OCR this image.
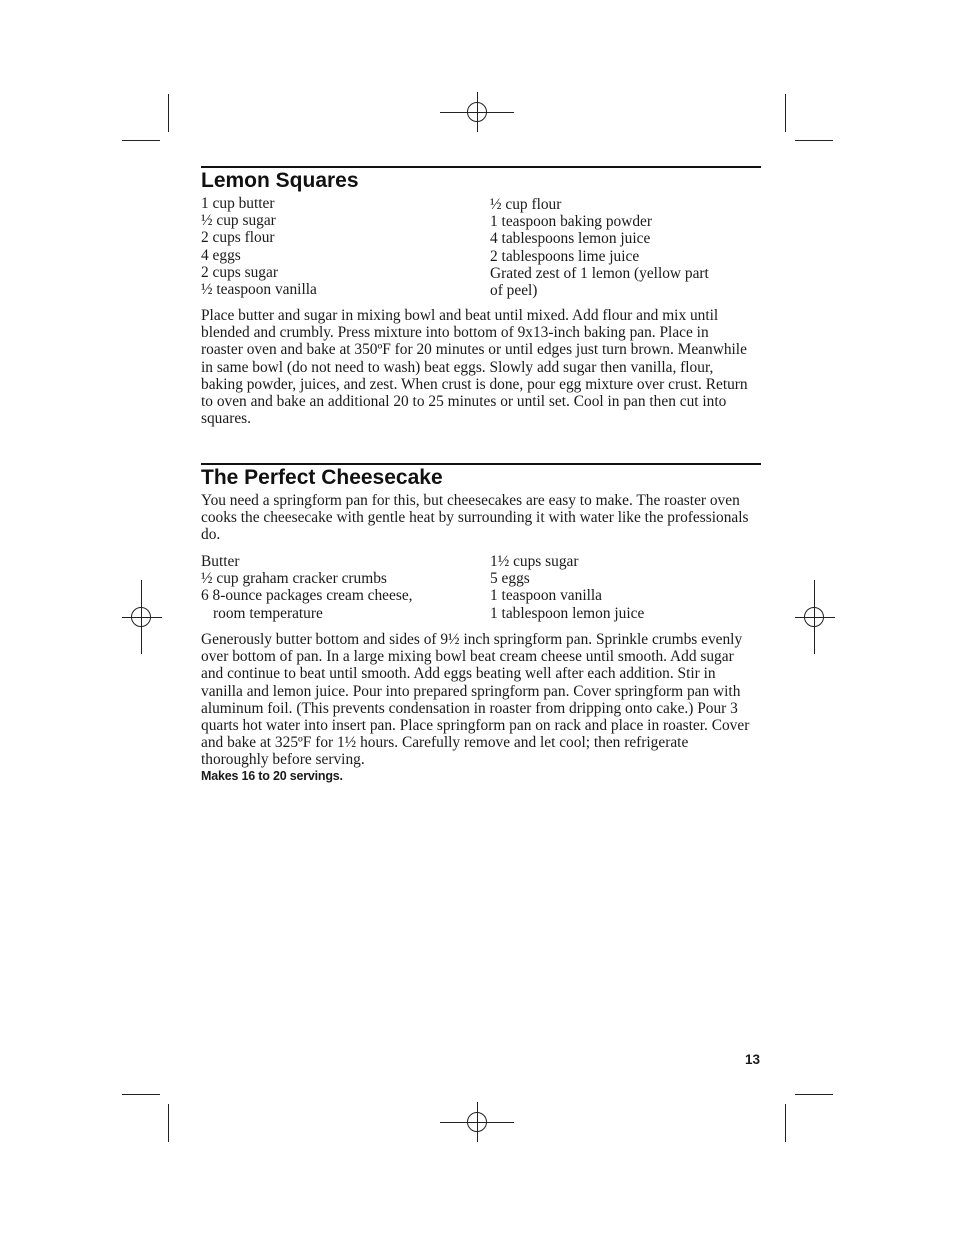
Lemon Squares
1 cup butter
½ cup sugar
2 cups flour
4 eggs
2 cups sugar
½ teaspoon vanilla
½ cup flour
1 teaspoon baking powder
4 tablespoons lemon juice
2 tablespoons lime juice
Grated zest of 1 lemon (yellow part
of peel)

Place butter and sugar in mixing bowl and beat until mixed. Add flour and mix until blended and crumbly. Press mixture into bottom of 9x13-inch baking pan. Place in roaster oven and bake at 350ºF for 20 minutes or until edges just turn brown. Meanwhile in same bowl (do not need to wash) beat eggs. Slowly add sugar then vanilla, flour, baking powder, juices, and zest. When crust is done, pour egg mixture over crust. Return to oven and bake an additional 20 to 25 minutes or until set. Cool in pan then cut into squares.

The Perfect Cheesecake

You need a springform pan for this, but cheesecakes are easy to make. The roaster oven cooks the cheesecake with gentle heat by surrounding it with water like the professionals do.

Butter
½ cup graham cracker crumbs
6 8-ounce packages cream cheese,
room temperature
1½ cups sugar
5 eggs
1 teaspoon vanilla
1 tablespoon lemon juice

Generously butter bottom and sides of 9½ inch springform pan. Sprinkle crumbs evenly over bottom of pan. In a large mixing bowl beat cream cheese until smooth. Add sugar and continue to beat until smooth. Add eggs beating well after each addition. Stir in vanilla and lemon juice. Pour into prepared springform pan. Cover springform pan with aluminum foil. (This prevents condensation in roaster from dripping onto cake.) Pour 3 quarts hot water into insert pan. Place springform pan on rack and place in roaster. Cover and bake at 325ºF for 1½ hours. Carefully remove and let cool; then refrigerate thoroughly before serving.

Makes 16 to 20 servings.
13
